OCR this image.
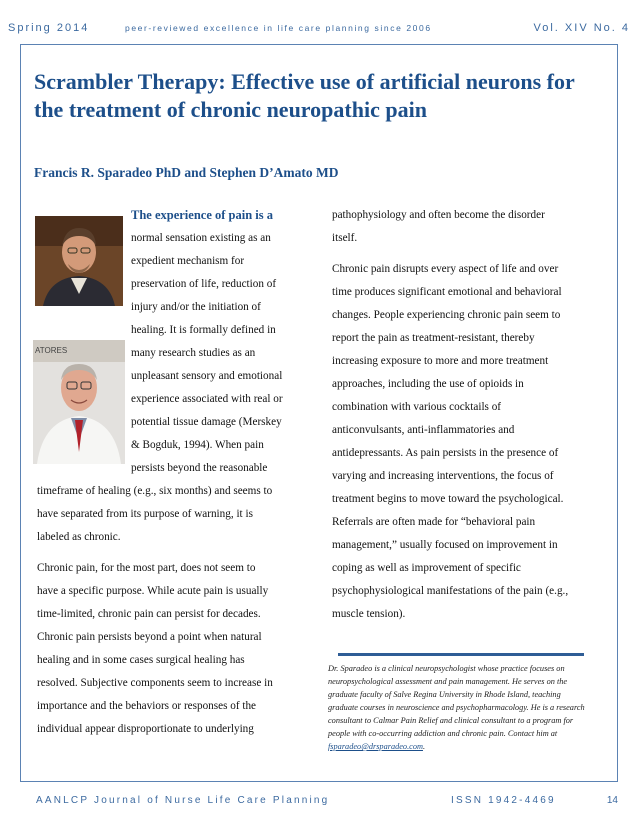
Spring 2014	peer-reviewed excellence in life care planning since 2006	Vol. XIV No. 4
Scrambler Therapy: Effective use of artificial neurons for the treatment of chronic neuropathic pain

Francis R. Sparadeo PhD and Stephen D’Amato MD

ATORES

The experience of pain is a

normal sensation existing as an

expedient mechanism for

preservation of life, reduction of

injury and/or the initiation of

healing. It is formally defined in

many research studies as an

unpleasant sensory and emotional

experience associated with real or

potential tissue damage (Merskey

& Bogduk, 1994). When pain

persists beyond the reasonable

timeframe of healing (e.g., six months) and seems to

have separated from its purpose of warning, it is

labeled as chronic.

Chronic pain, for the most part, does not seem to

have a specific purpose. While acute pain is usually

time-limited, chronic pain can persist for decades.

Chronic pain persists beyond a point when natural

healing and in some cases surgical healing has

resolved. Subjective components seem to increase in

importance and the behaviors or responses of the

individual appear disproportionate to underlying

pathophysiology and often become the disorder

itself.

Chronic pain disrupts every aspect of life and over

time produces significant emotional and behavioral

changes. People experiencing chronic pain seem to

report the pain as treatment-resistant, thereby

increasing exposure to more and more treatment

approaches, including the use of opioids in

combination with various cocktails of

anticonvulsants, anti-inflammatories and

antidepressants. As pain persists in the presence of

varying and increasing interventions, the focus of

treatment begins to move toward the psychological.

Referrals are often made for “behavioral pain

management,” usually focused on improvement in

coping as well as improvement of specific

psychophysiological manifestations of the pain (e.g.,

muscle tension).

Dr. Sparadeo is a clinical neuropsychologist whose practice focuses on neuropsychological assessment and pain management. He serves on the graduate faculty of Salve Regina University in Rhode Island, teaching graduate courses in neuroscience and psychopharmacology. He is a research consultant to Calmar Pain Relief and clinical consultant to a program for people with co-occurring addiction and chronic pain. Contact him at fsparadeo@drsparadeo.com.
AANLCP Journal of Nurse Life Care Planning	ISSN 1942-4469	14
